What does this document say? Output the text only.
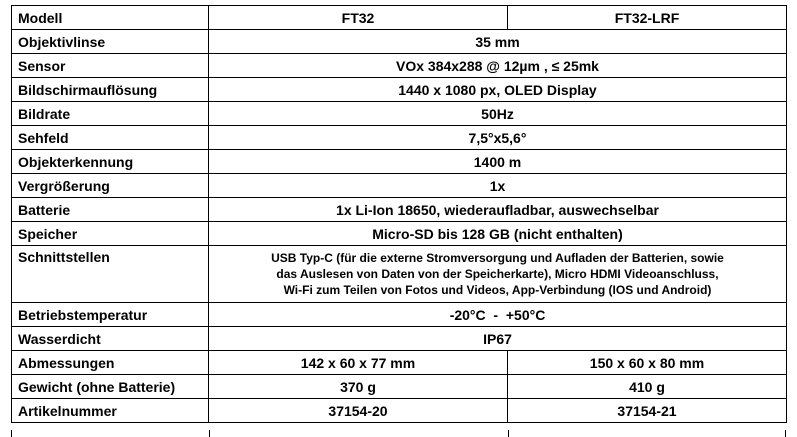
Modell	FT32	FT32-LRF
Objektivlinse	35 mm	
Sensor	VOx 384x288 @ 12µm , ≤ 25mk	
Bildschirmauflösung	1440 x 1080 px, OLED Display	
Bildrate	50Hz	
Sehfeld	7,5°x5,6°	
Objekterkennung	1400 m	
Vergrößerung	1x	
Batterie	1x Li-Ion 18650, wiederaufladbar, auswechselbar	
Speicher	Micro-SD bis 128 GB (nicht enthalten)	
Schnittstellen	USB Typ-C (für die externe Stromversorgung und Aufladen der Batterien, sowie
das Auslesen von Daten von der Speicherkarte), Micro HDMI Videoanschluss,
Wi-Fi zum Teilen von Fotos und Videos, App-Verbindung (IOS und Android)	

Betriebstemperatur	-20°C  -  +50°C	
Wasserdicht	IP67	
Abmessungen	142 x 60 x 77 mm	150 x 60 x 80 mm
Gewicht (ohne Batterie)	370 g	410 g
Artikelnummer	37154-20	37154-21
